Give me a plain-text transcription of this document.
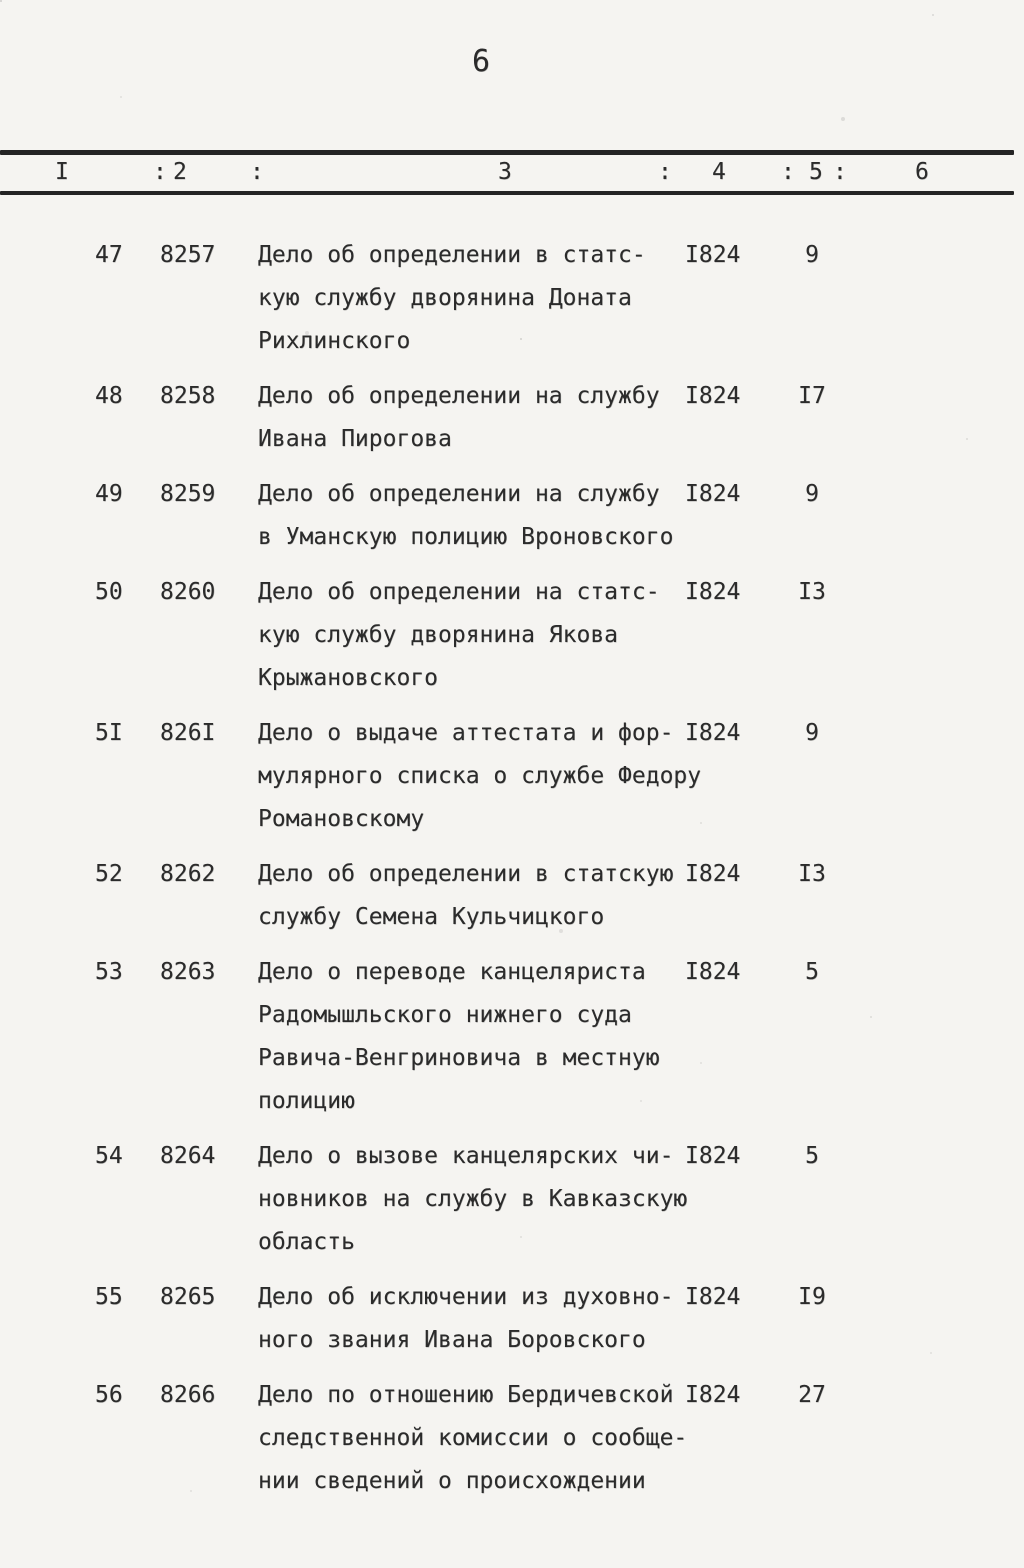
6
I	: 2	:	3	: 4 : 5 :	6
47 8257 Дело об определении в статс-
кую службу дворянина Доната
Рихлинского
I824	9
48 8258 Дело об определении на службу
Ивана Пирогова
I824	I7
49 8259 Дело об определении на службу
в Уманскую полицию Вроновского
I824	9
50 8260 Дело об определении на статс-
кую службу дворянина Якова
Крыжановского
I824	I3
5I 826I Дело о выдаче аттестата и фор-
мулярного списка о службе Федору
Романовскому
I824	9
52 8262 Дело об определении в статскую
службу Семена Кульчицкого
I824	I3
53 8263 Дело о переводе канцеляриста
Радомышльского нижнего суда
Равича-Венгриновича в местную
полицию
I824	5
54 8264 Дело о вызове канцелярских чи-
новников на службу в Кавказскую
область
I824	5
55 8265 Дело об исключении из духовно-
ного звания Ивана Боровского
I824	I9
56 8266 Дело по отношению Бердичевской
следственной комиссии о сообще-
нии сведений о происхождении
I824	27
